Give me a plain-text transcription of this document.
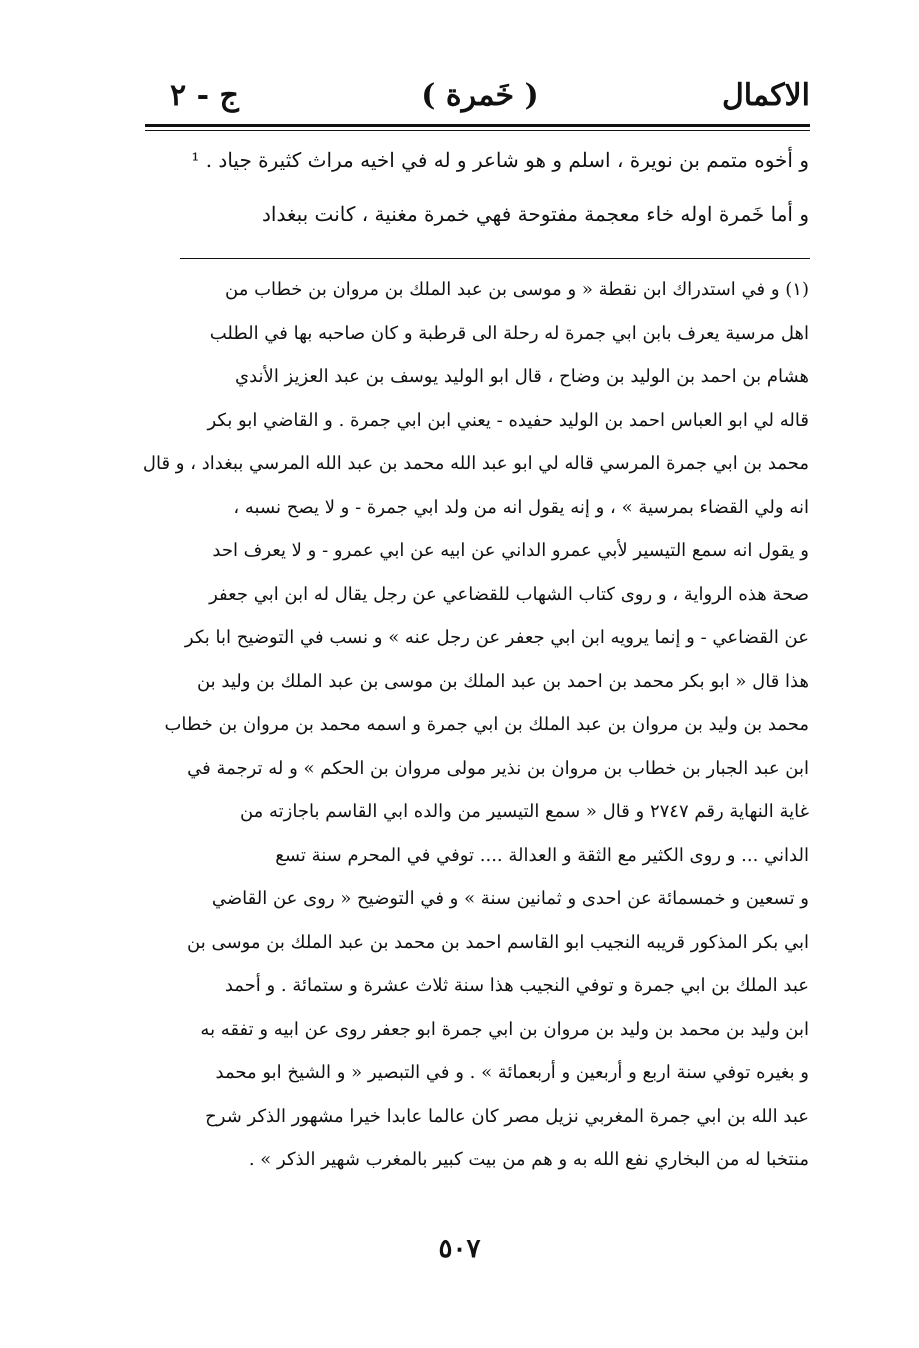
الاكمال
( خَمرة )
ج - ٢
و أخوه متمم بن نويرة ، اسلم و هو شاعر و له في اخيه مراث كثيرة جياد . ¹
و أما خَمرة اوله خاء معجمة مفتوحة فهي خمرة مغنية ، كانت ببغداد
(١) و في استدراك ابن نقطة « و موسى بن عبد الملك بن مروان بن خطاب من
اهل مرسية يعرف بابن ابي جمرة له رحلة الى قرطبة و كان صاحبه بها في الطلب
هشام بن احمد بن الوليد بن وضاح ، قال ابو الوليد يوسف بن عبد العزيز الأندي
قاله لي ابو العباس احمد بن الوليد حفيده - يعني ابن ابي جمرة . و القاضي ابو بكر
محمد بن ابي جمرة المرسي قاله لي ابو عبد الله محمد بن عبد الله المرسي ببغداد ، و قال
انه ولي القضاء بمرسية » ، و إنه يقول انه من ولد ابي جمرة - و لا يصح نسبه ،
و يقول انه سمع التيسير لأبي عمرو الداني عن ابيه عن ابي عمرو - و لا يعرف احد
صحة هذه الرواية ، و روى كتاب الشهاب للقضاعي عن رجل يقال له ابن ابي جعفر
عن القضاعي - و إنما يرويه ابن ابي جعفر عن رجل عنه » و نسب في التوضيح ابا بكر
هذا قال « ابو بكر محمد بن احمد بن عبد الملك بن موسى بن عبد الملك بن وليد بن
محمد بن وليد بن مروان بن عبد الملك بن ابي جمرة و اسمه محمد بن مروان بن خطاب
ابن عبد الجبار بن خطاب بن مروان بن نذير مولى مروان بن الحكم » و له ترجمة في
غاية النهاية رقم ٢٧٤٧ و قال « سمع التيسير من والده ابي القاسم باجازته من
الداني ... و روى الكثير مع الثقة و العدالة .... توفي في المحرم سنة تسع
و تسعين و خمسمائة عن احدى و ثمانين سنة » و في التوضيح « روى عن القاضي
ابي بكر المذكور قريبه النجيب ابو القاسم احمد بن محمد بن عبد الملك بن موسى بن
عبد الملك بن ابي جمرة و توفي النجيب هذا سنة ثلاث عشرة و ستمائة . و أحمد
ابن وليد بن محمد بن وليد بن مروان بن ابي جمرة ابو جعفر روى عن ابيه و تفقه به
و بغيره توفي سنة اربع و أربعين و أربعمائة » . و في التبصير « و الشيخ ابو محمد
عبد الله بن ابي جمرة المغربي نزيل مصر كان عالما عابدا خيرا مشهور الذكر شرح
منتخبا له من البخاري نفع الله به و هم من بيت كبير بالمغرب شهير الذكر » .
٥٠٧
